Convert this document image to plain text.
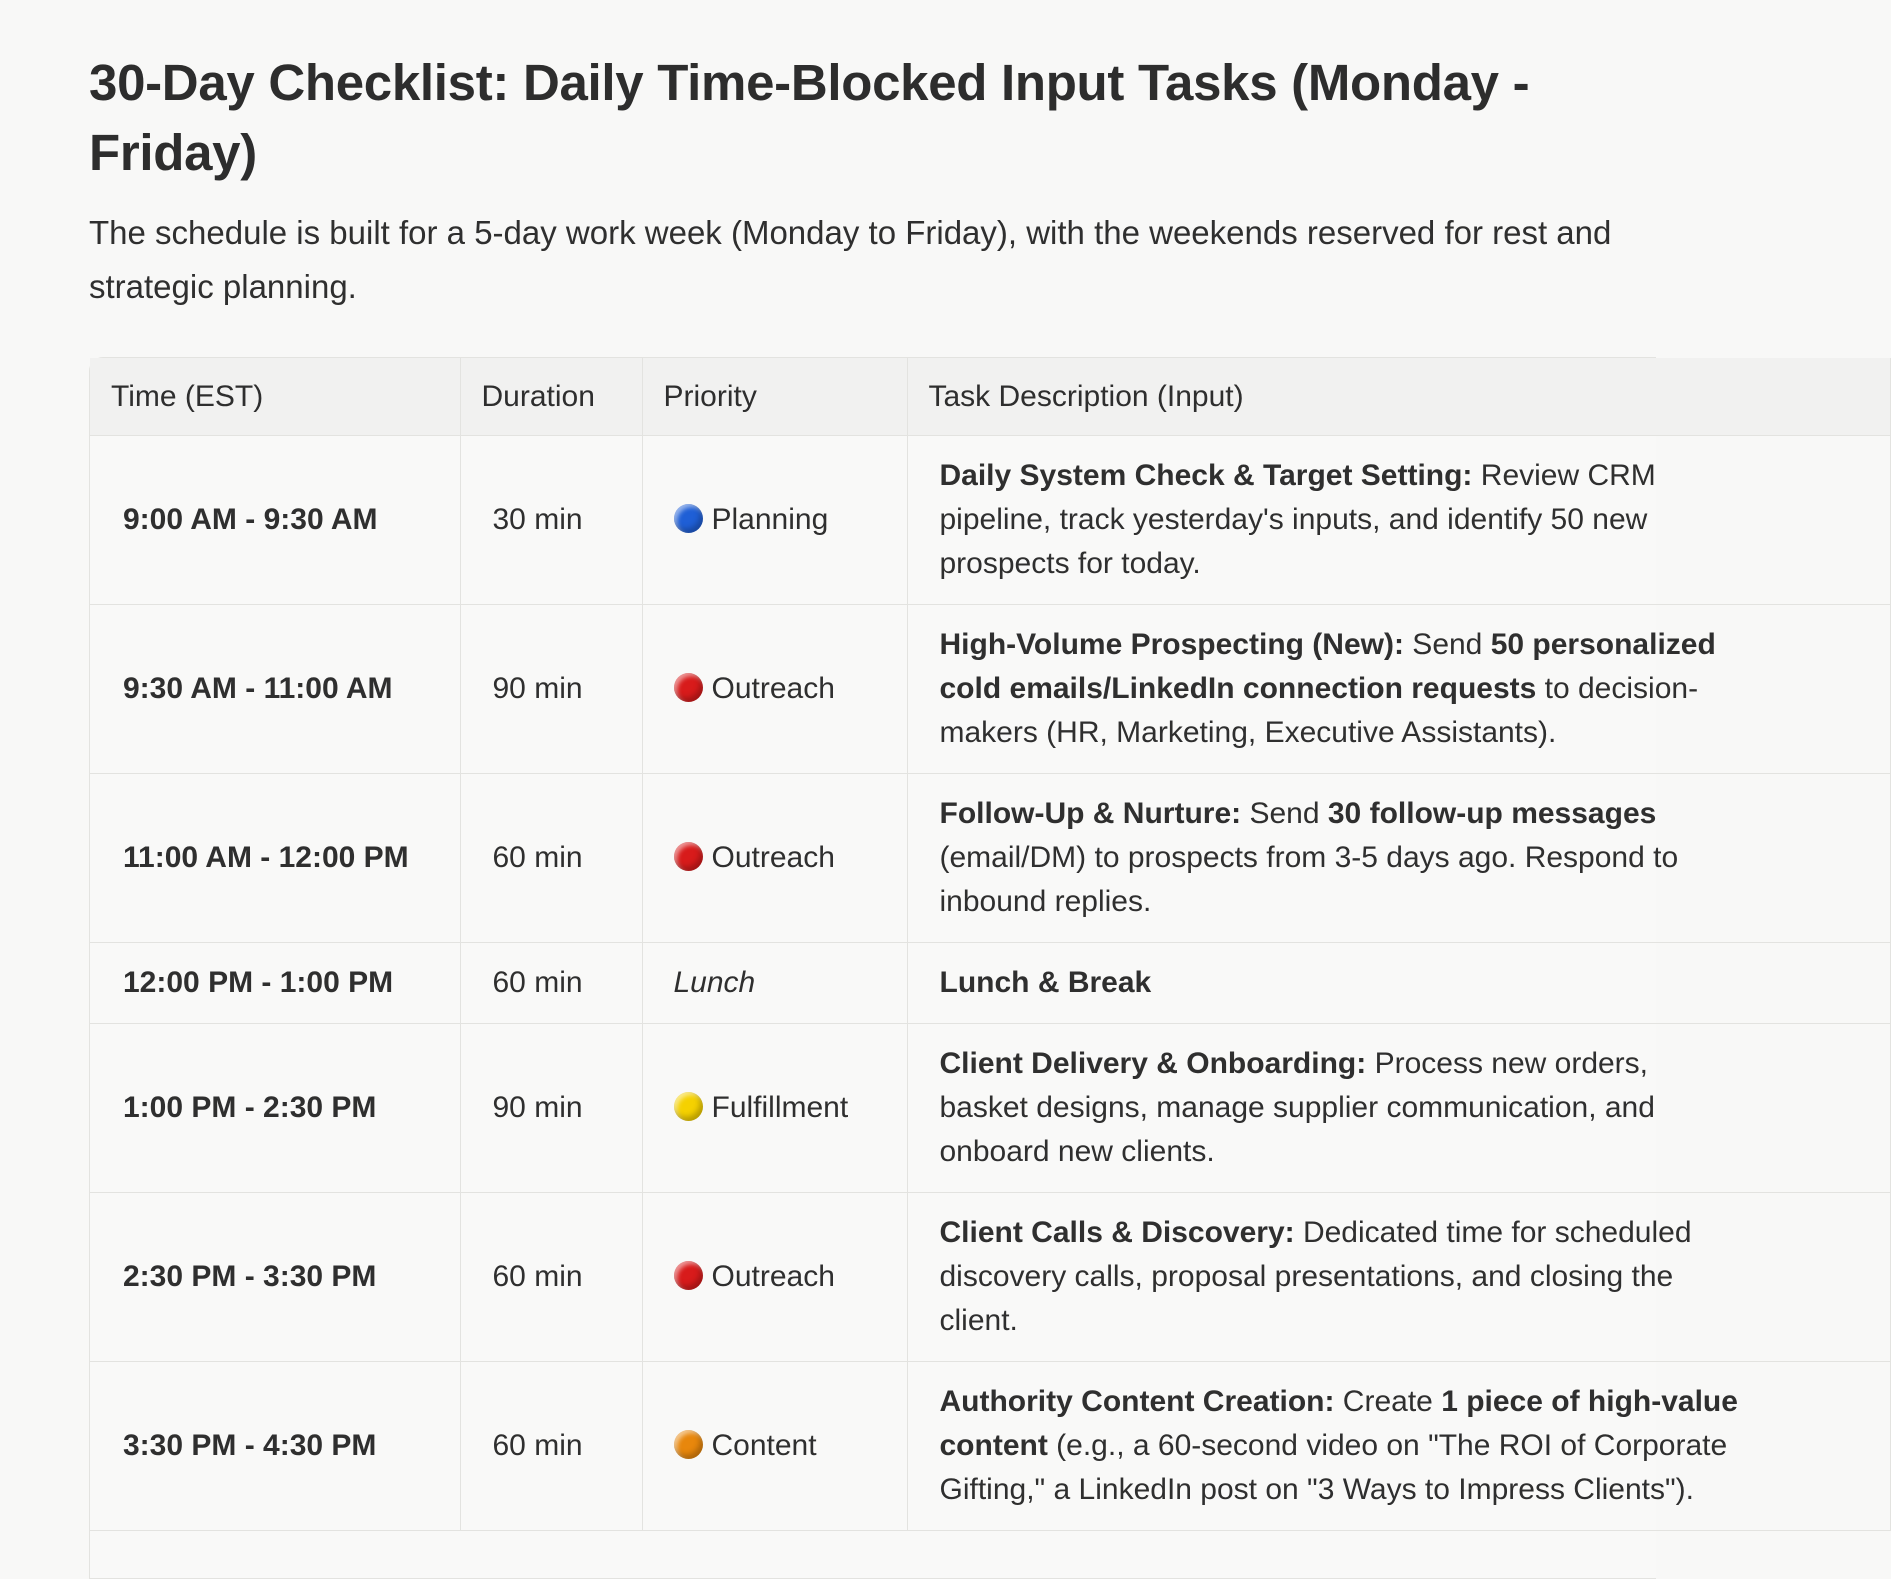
30-Day Checklist: Daily Time-Blocked Input Tasks (Monday - Friday)

The schedule is built for a 5-day work week (Monday to Friday), with the weekends reserved for rest and strategic planning.

Time (EST)	Duration	Priority	Task Description (Input)
9:00 AM - 9:30 AM	30 min	Planning	Daily System Check & Target Setting: Review CRM
pipeline, track yesterday's inputs, and identify 50 new
prospects for today.

9:30 AM - 11:00 AM	90 min	Outreach	High-Volume Prospecting (New): Send 50 personalized
cold emails/LinkedIn connection requests to decision-
makers (HR, Marketing, Executive Assistants).

11:00 AM - 12:00 PM	60 min	Outreach	Follow-Up & Nurture: Send 30 follow-up messages
(email/DM) to prospects from 3-5 days ago. Respond to
inbound replies.

12:00 PM - 1:00 PM	60 min	Lunch	Lunch & Break

1:00 PM - 2:30 PM	90 min	Fulfillment	Client Delivery & Onboarding: Process new orders,
basket designs, manage supplier communication, and
onboard new clients.

2:30 PM - 3:30 PM	60 min	Outreach	Client Calls & Discovery: Dedicated time for scheduled
discovery calls, proposal presentations, and closing the
client.

3:30 PM - 4:30 PM	60 min	Content	Authority Content Creation: Create 1 piece of high-value
content (e.g., a 60-second video on "The ROI of Corporate
Gifting," a LinkedIn post on "3 Ways to Impress Clients").
